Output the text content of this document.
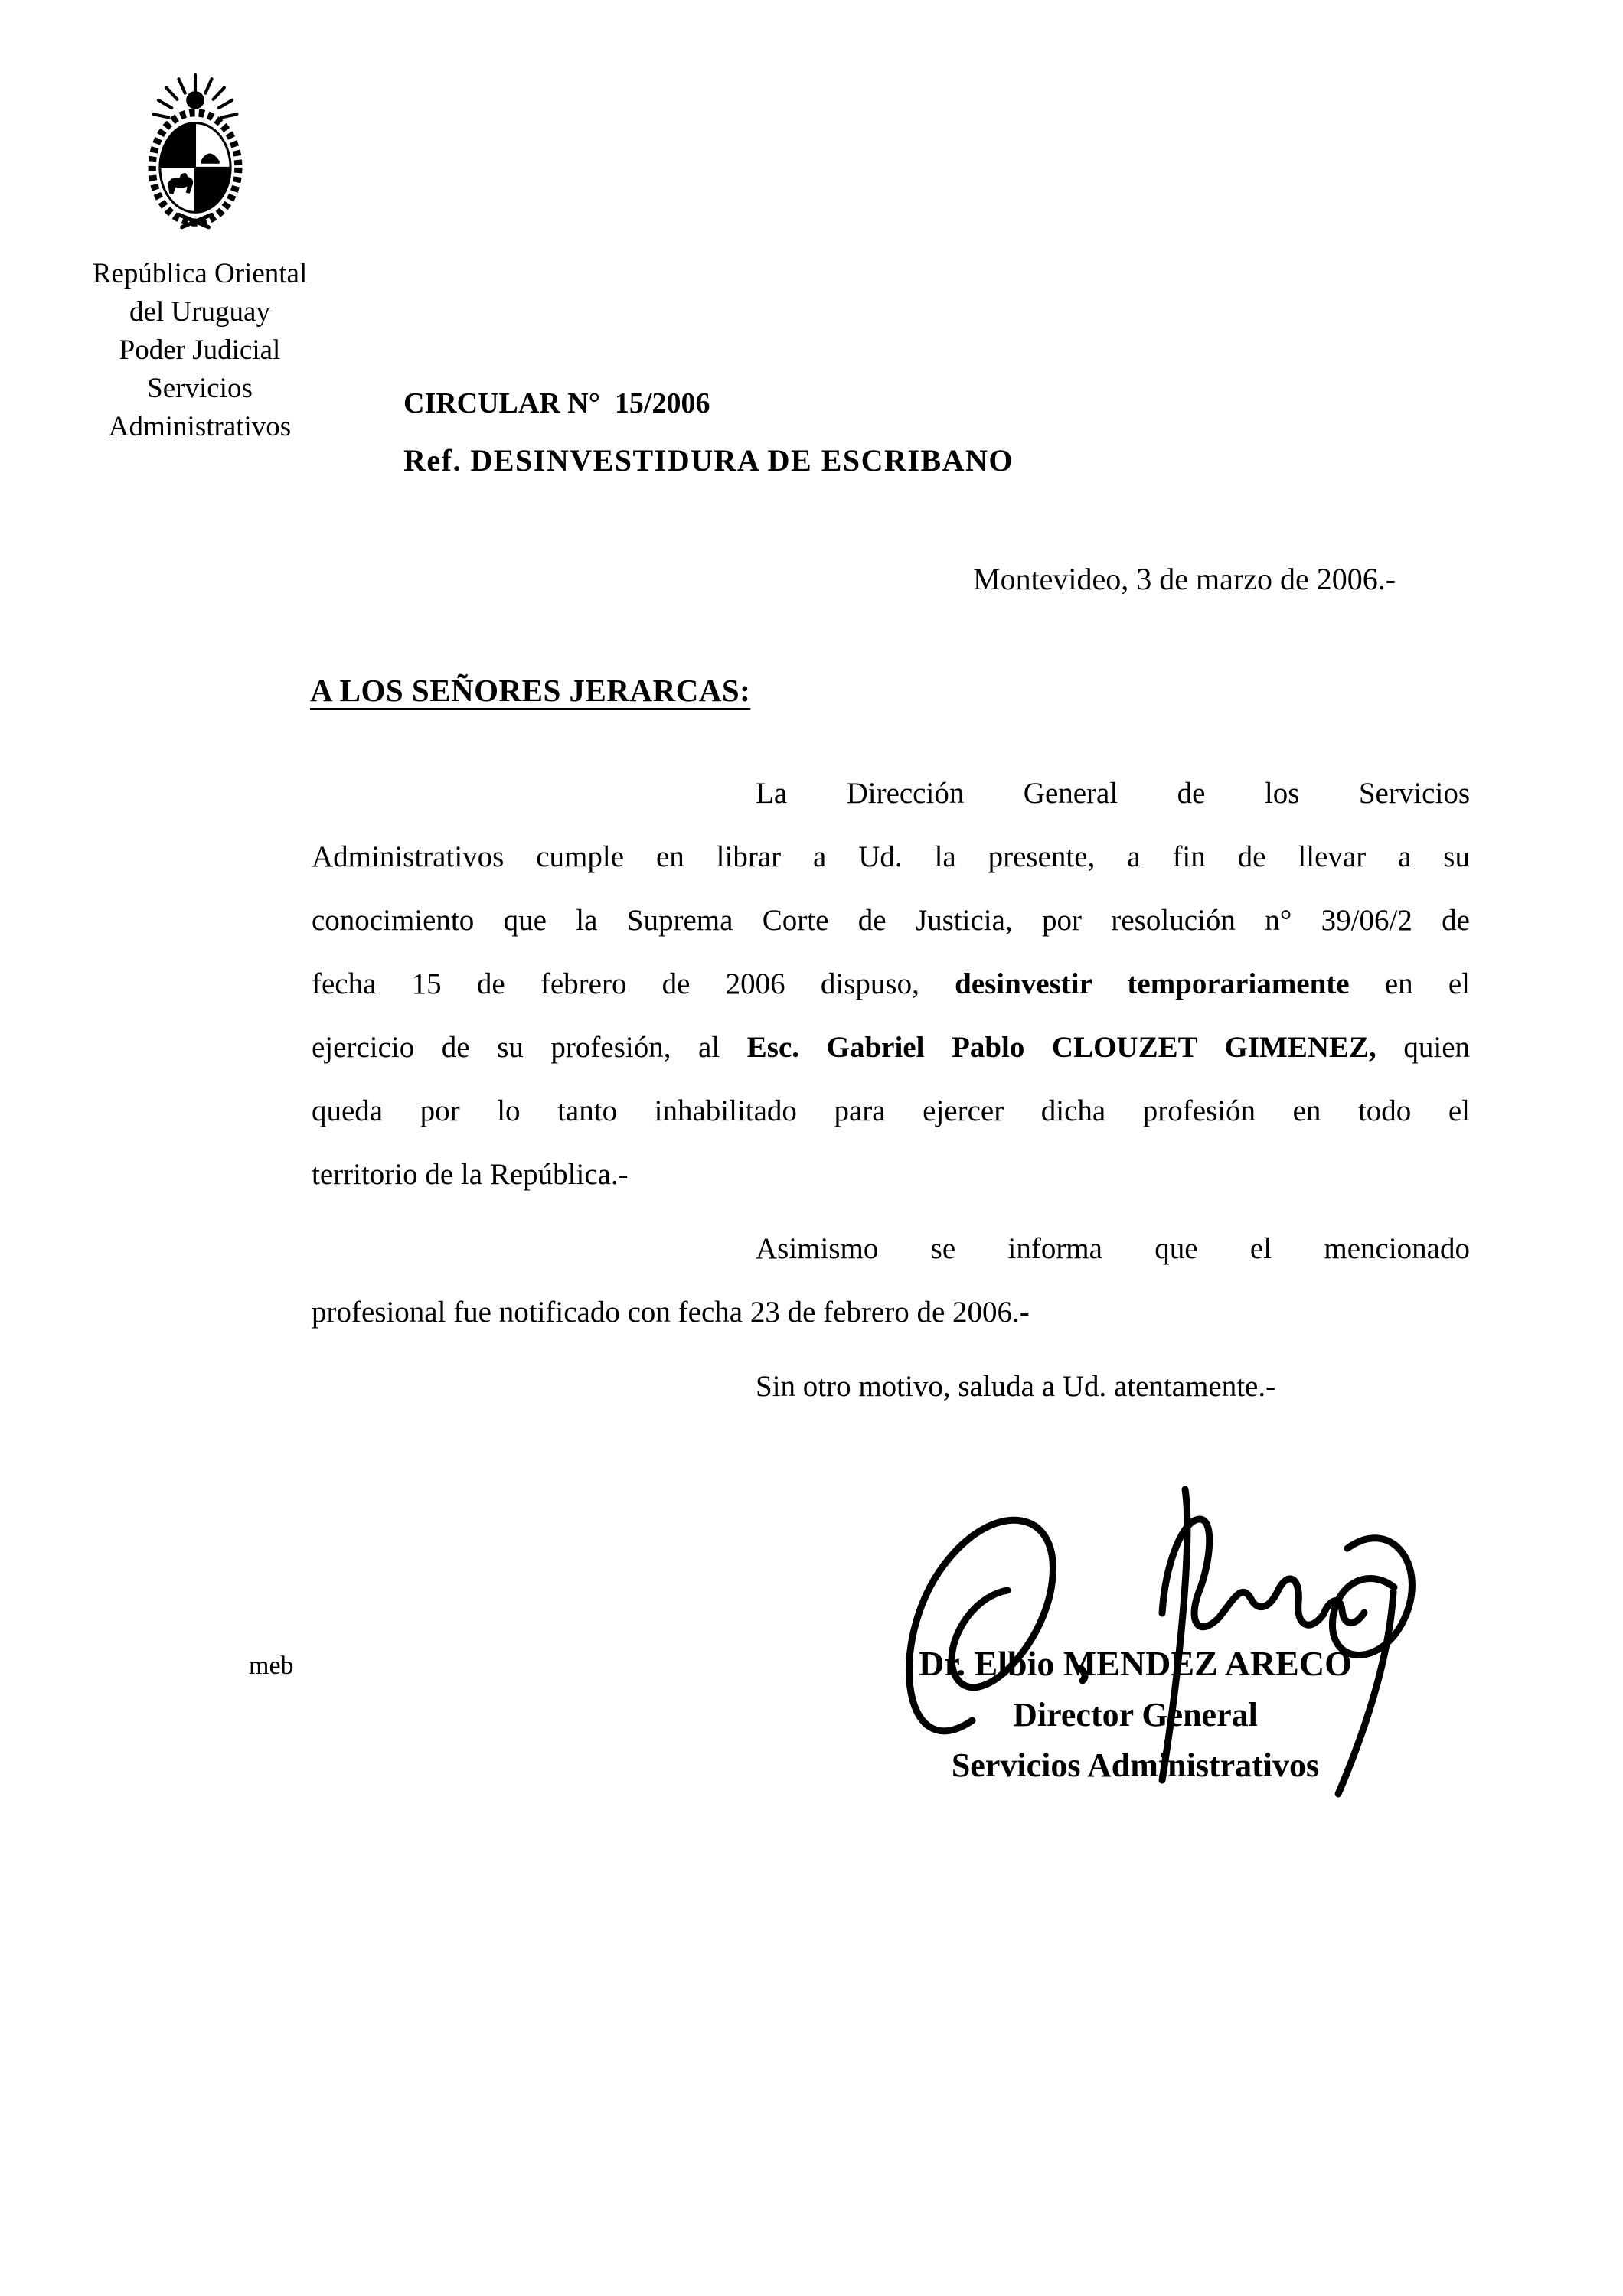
República Oriental
del Uruguay
Poder Judicial
Servicios
Administrativos
CIRCULAR N°  15/2006
Ref. DESINVESTIDURA DE ESCRIBANO
Montevideo, 3 de marzo de 2006.-
A LOS SEÑORES JERARCAS:
La Dirección General de los Servicios
Administrativos cumple en librar a Ud. la presente, a fin de llevar a su
conocimiento que la Suprema Corte de Justicia, por resolución n° 39/06/2 de
fecha 15 de febrero de 2006 dispuso, desinvestir temporariamente en el
ejercicio de su profesión, al Esc. Gabriel Pablo CLOUZET GIMENEZ, quien
queda por lo tanto inhabilitado para ejercer dicha profesión en todo el
territorio de la República.-
Asimismo se informa que el mencionado
profesional fue notificado con fecha 23 de febrero de 2006.-
Sin otro motivo, saluda a Ud. atentamente.-
Dr. Elbio MENDEZ ARECO
Director General
Servicios Administrativos
meb
